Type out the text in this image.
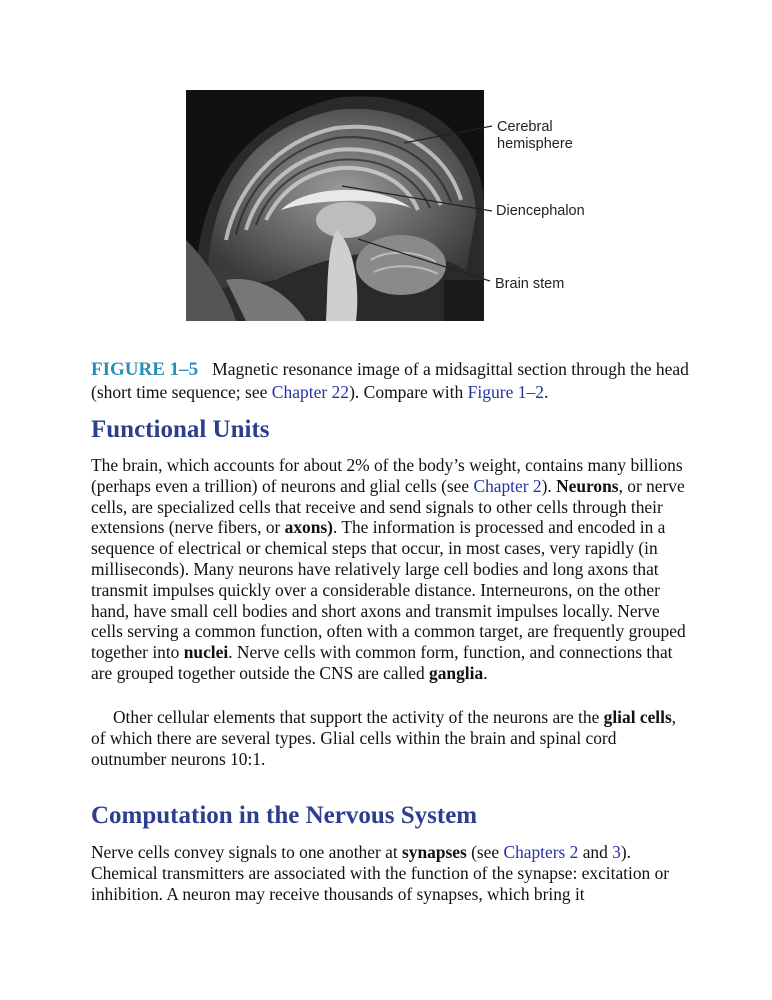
Cerebral
hemisphere
Diencephalon
Brain stem

FIGURE 1–5 Magnetic resonance image of a midsagittal section through the head (short time sequence; see Chapter 22). Compare with Figure 1–2.

Functional Units

The brain, which accounts for about 2% of the body’s weight, contains many billions (perhaps even a trillion) of neurons and glial cells (see Chapter 2). Neurons, or nerve cells, are specialized cells that receive and send signals to other cells through their extensions (nerve fibers, or axons). The information is processed and encoded in a sequence of electrical or chemical steps that occur, in most cases, very rapidly (in milliseconds). Many neurons have relatively large cell bodies and long axons that transmit impulses quickly over a considerable distance. Interneurons, on the other hand, have small cell bodies and short axons and transmit impulses locally. Nerve cells serving a common function, often with a common target, are frequently grouped together into nuclei. Nerve cells with common form, function, and connections that are grouped together outside the CNS are called ganglia.

Other cellular elements that support the activity of the neurons are the glial cells, of which there are several types. Glial cells within the brain and spinal cord outnumber neurons 10:1.

Computation in the Nervous System

Nerve cells convey signals to one another at synapses (see Chapters 2 and 3). Chemical transmitters are associated with the function of the synapse: excitation or inhibition. A neuron may receive thousands of synapses, which bring it
